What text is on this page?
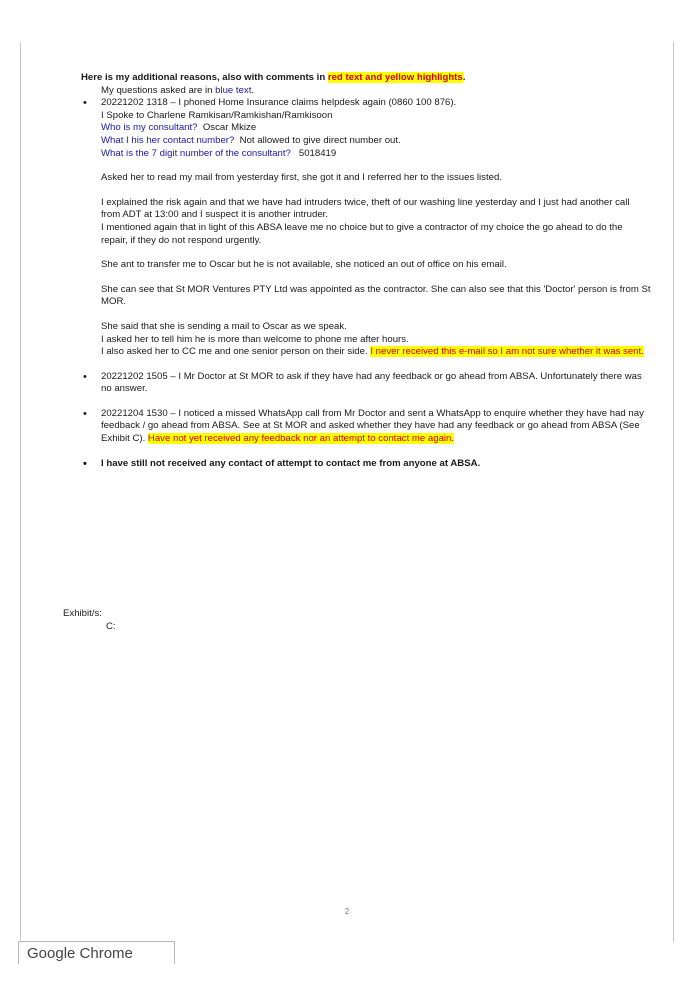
Here is my additional reasons, also with comments in red text and yellow highlights.
My questions asked are in blue text.
• 20221202 1318 – I phoned Home Insurance claims helpdesk again (0860 100 876).
I Spoke to Charlene Ramkisan/Ramkishan/Ramkisoon
Who is my consultant?  Oscar Mkize
What I his her contact number?  Not allowed to give direct number out.
What is the 7 digit number of the consultant?   5018419
Asked her to read my mail from yesterday first, she got it and I referred her to the issues listed.
I explained the risk again and that we have had intruders twice, theft of our washing line yesterday and I just had another call from ADT at 13:00 and I suspect it is another intruder.
I mentioned again that in light of this ABSA leave me no choice but to give a contractor of my choice the go ahead to do the repair, if they do not respond urgently.
She ant to transfer me to Oscar but he is not available, she noticed an out of office on his email.
She can see that St MOR Ventures PTY Ltd was appointed as the contractor. She can also see that this 'Doctor' person is from St MOR.
She said that she is sending a mail to Oscar as we speak.
I asked her to tell him he is more than welcome to phone me after hours.
I also asked her to CC me and one senior person on their side. I never received this e-mail so I am not sure whether it was sent.
• 20221202 1505 – I Mr Doctor at St MOR to ask if they have had any feedback or go ahead from ABSA. Unfortunately there was no answer.
• 20221204 1530 – I noticed a missed WhatsApp call from Mr Doctor and sent a WhatsApp to enquire whether they have had nay feedback / go ahead from ABSA. See at St MOR and asked whether they have had any feedback or go ahead from ABSA (See Exhibit C). Have not yet received any feedback nor an attempt to contact me again.
• I have still not received any contact of attempt to contact me from anyone at ABSA.
Exhibit/s:
C:
2
Google Chrome
